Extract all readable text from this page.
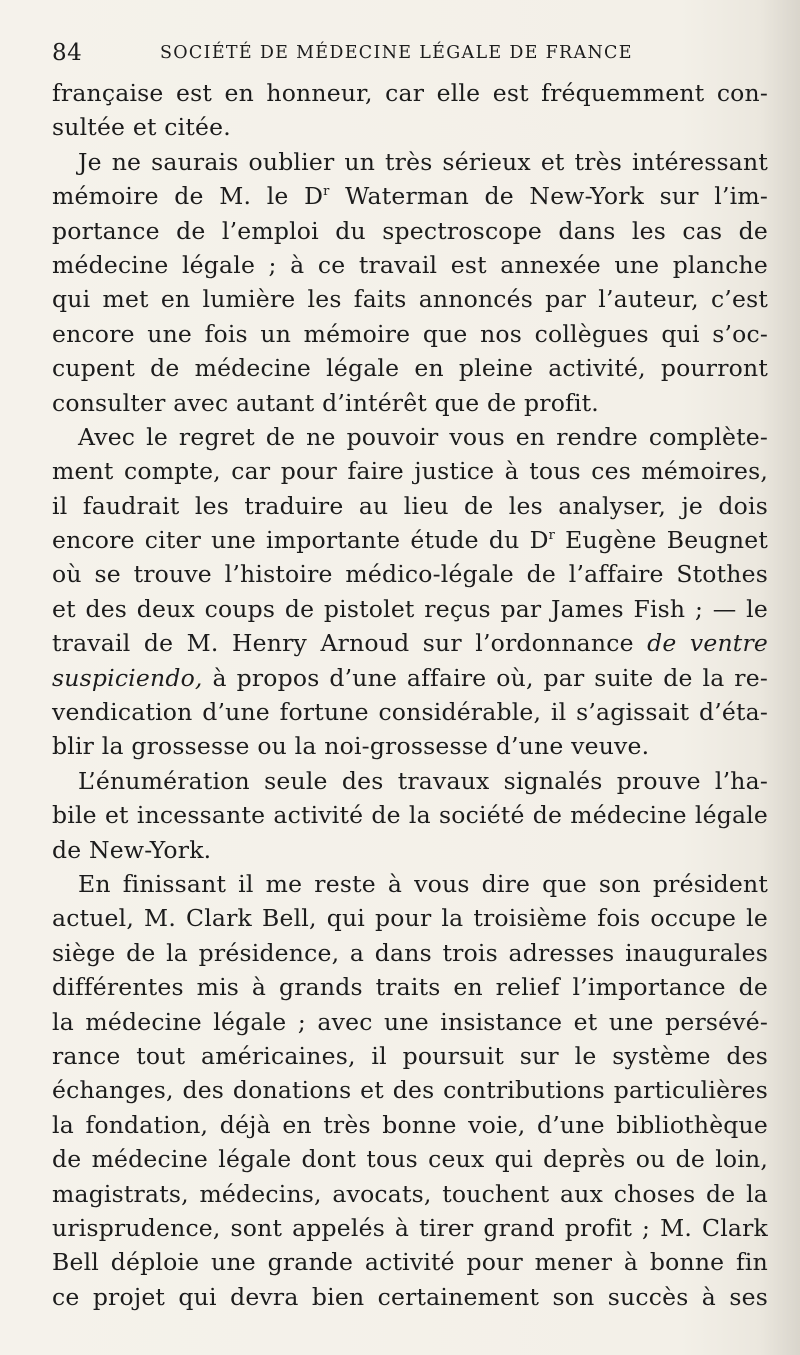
84	SOCIÉTÉ DE MÉDECINE LÉGALE DE FRANCE
française est en honneur, car elle est fréquemment con-
sultée et citée.
Je ne saurais oublier un très sérieux et très intéressant
mémoire de M. le $D^r$ Waterman de New-York sur l’im-
portance de l’emploi du spectroscope dans les cas de
médecine légale ; à ce travail est annexée une planche
qui met en lumière les faits annoncés par l’auteur, c’est
encore une fois un mémoire que nos collègues qui s’oc-
cupent de médecine légale en pleine activité, pourront
consulter avec autant d’intérêt que de profit.
Avec le regret de ne pouvoir vous en rendre complète-
ment compte, car pour faire justice à tous ces mémoires,
il faudrait les traduire au lieu de les analyser, je dois
encore citer une importante étude du $D^r$ Eugène Beugnet
où se trouve l’histoire médico-légale de l’affaire Stothes
et des deux coups de pistolet reçus par James Fish ; — le
travail de M. Henry Arnoud sur l’ordonnance de ventre
suspiciendo, à propos d’une affaire où, par suite de la re-
vendication d’une fortune considérable, il s’agissait d’éta-
blir la grossesse ou la noi-grossesse d’une veuve.
L’énumération seule des travaux signalés prouve l’ha-
bile et incessante activité de la société de médecine légale
de New-York.
En finissant il me reste à vous dire que son président
actuel, M. Clark Bell, qui pour la troisième fois occupe le
siège de la présidence, a dans trois adresses inaugurales
différentes mis à grands traits en relief l’importance de
la médecine légale ; avec une insistance et une persévé-
rance tout américaines, il poursuit sur le système des
échanges, des donations et des contributions particulières
la fondation, déjà en très bonne voie, d’une bibliothèque
de médecine légale dont tous ceux qui deprès ou de loin,
magistrats, médecins, avocats, touchent aux choses de la
urisprudence, sont appelés à tirer grand profit ; M. Clark
Bell déploie une grande activité pour mener à bonne fin
ce projet qui devra bien certainement son succès à ses
